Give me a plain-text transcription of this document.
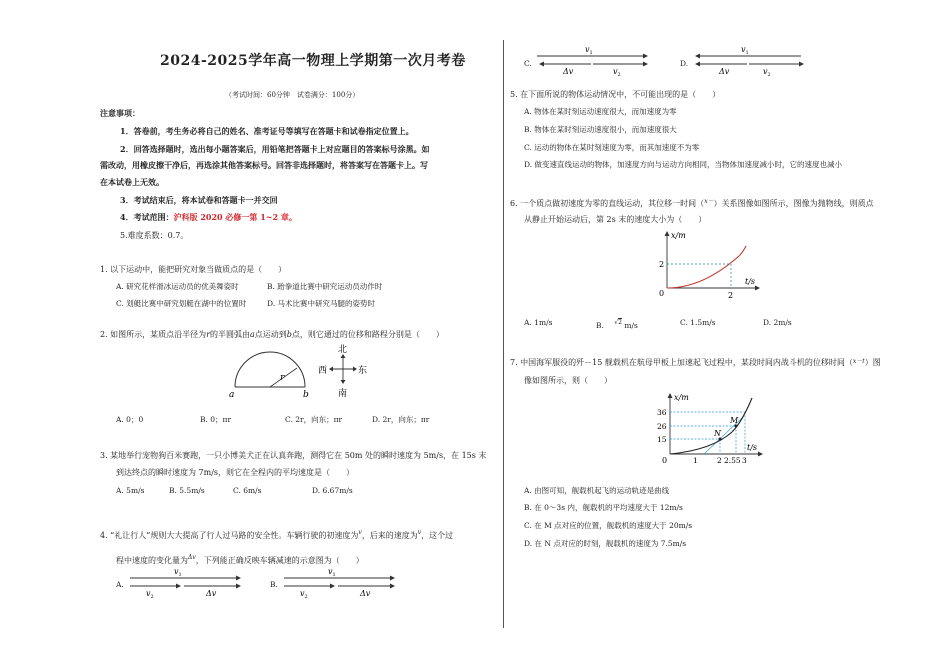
2024-2025学年高一物理上学期第一次月考卷
（考试时间：60分钟　试卷满分：100分）
注意事项：
1．答卷前，考生务必将自己的姓名、准考证号等填写在答题卡和试卷指定位置上。
2．回答选择题时，选出每小题答案后，用铅笔把答题卡上对应题目的答案标号涂黑。如
需改动，用橡皮擦干净后，再选涂其他答案标号。回答非选择题时，将答案写在答题卡上。写
在本试卷上无效。
3．考试结束后，将本试卷和答题卡一并交回
4．考试范围：沪科版 2020 必修一第 1~2 章。
5.难度系数：0.7。
1. 以下运动中，能把研究对象当做质点的是（　　）
A. 研究花样滑冰运动员的优美舞姿时	B. 跆拳道比赛中研究运动员动作时
C. 划艇比赛中研究划艇在湖中的位置时	D. 马术比赛中研究马腿的姿势时
2. 如图所示，某质点沿半径为r的半圆弧由a点运动到b点，则它通过的位移和路程分别是（　　）
a	b
r
北
南
东
西
A. 0；0	B. 0；πr	C. 2r，向东；πr	D. 2r，向东；πr
3. 某地举行宠物狗百米赛跑，一只小博美犬正在认真奔跑，测得它在 50m 处的瞬时速度为 5m/s，在 15s 末
到达终点的瞬时速度为 7m/s，则它在全程内的平均速度是（　　）
A. 5m/s	B. 5.5m/s	C. 6m/s	D. 6.67m/s
4. “礼让行人”规则大大提高了行人过马路的安全性。车辆行驶的初速度为$^v$，后来的速度为$^v$，这个过
程中速度的变化量为$^{\Delta v}$，下列能正确反映车辆减速的示意图为（　　）
A.
$v_1$
$v_2$	Δv
B.
$v_1$
$v_2$	Δv
C.
$v_1$
Δv	$v_2$
D.
$v_1$
Δv	$v_2$
5. 在下面所说的物体运动情况中，不可能出现的是（　　）
A. 物体在某时刻运动速度很大，而加速度为零
B. 物体在某时刻运动速度很小，而加速度很大
C. 运动的物体在某时刻速度为零，而其加速度不为零
D. 做变速直线运动的物体，加速度方向与运动方向相同，当物体加速度减小时，它的速度也减小
6. 一个质点做初速度为零的直线运动，其位移一时间（$^{x-}$）关系图像如图所示，图像为抛物线，则质点
从静止开始运动后，第 2s 末的速度大小为（　　）
x/m
t/s
0
2
2
A. 1m/s	B. $^{√2}$ m/s	C. 1.5m/s	D. 2m/s
7. 中国海军服役的歼－15 舰载机在航母甲板上加速起飞过程中，某段时间内战斗机的位移时间（$^{x-t}$）图
像如图所示，则（　　）
N
M
x/m
t/s
0
36
26
15
1	2 2.55 3
A. 由图可知，舰载机起飞的运动轨迹是曲线
B. 在 0～3s 内，舰载机的平均速度大于 12m/s
C. 在 M 点对应的位置，舰载机的速度大于 20m/s
D. 在 N 点对应的时刻，舰载机的速度为 7.5m/s
